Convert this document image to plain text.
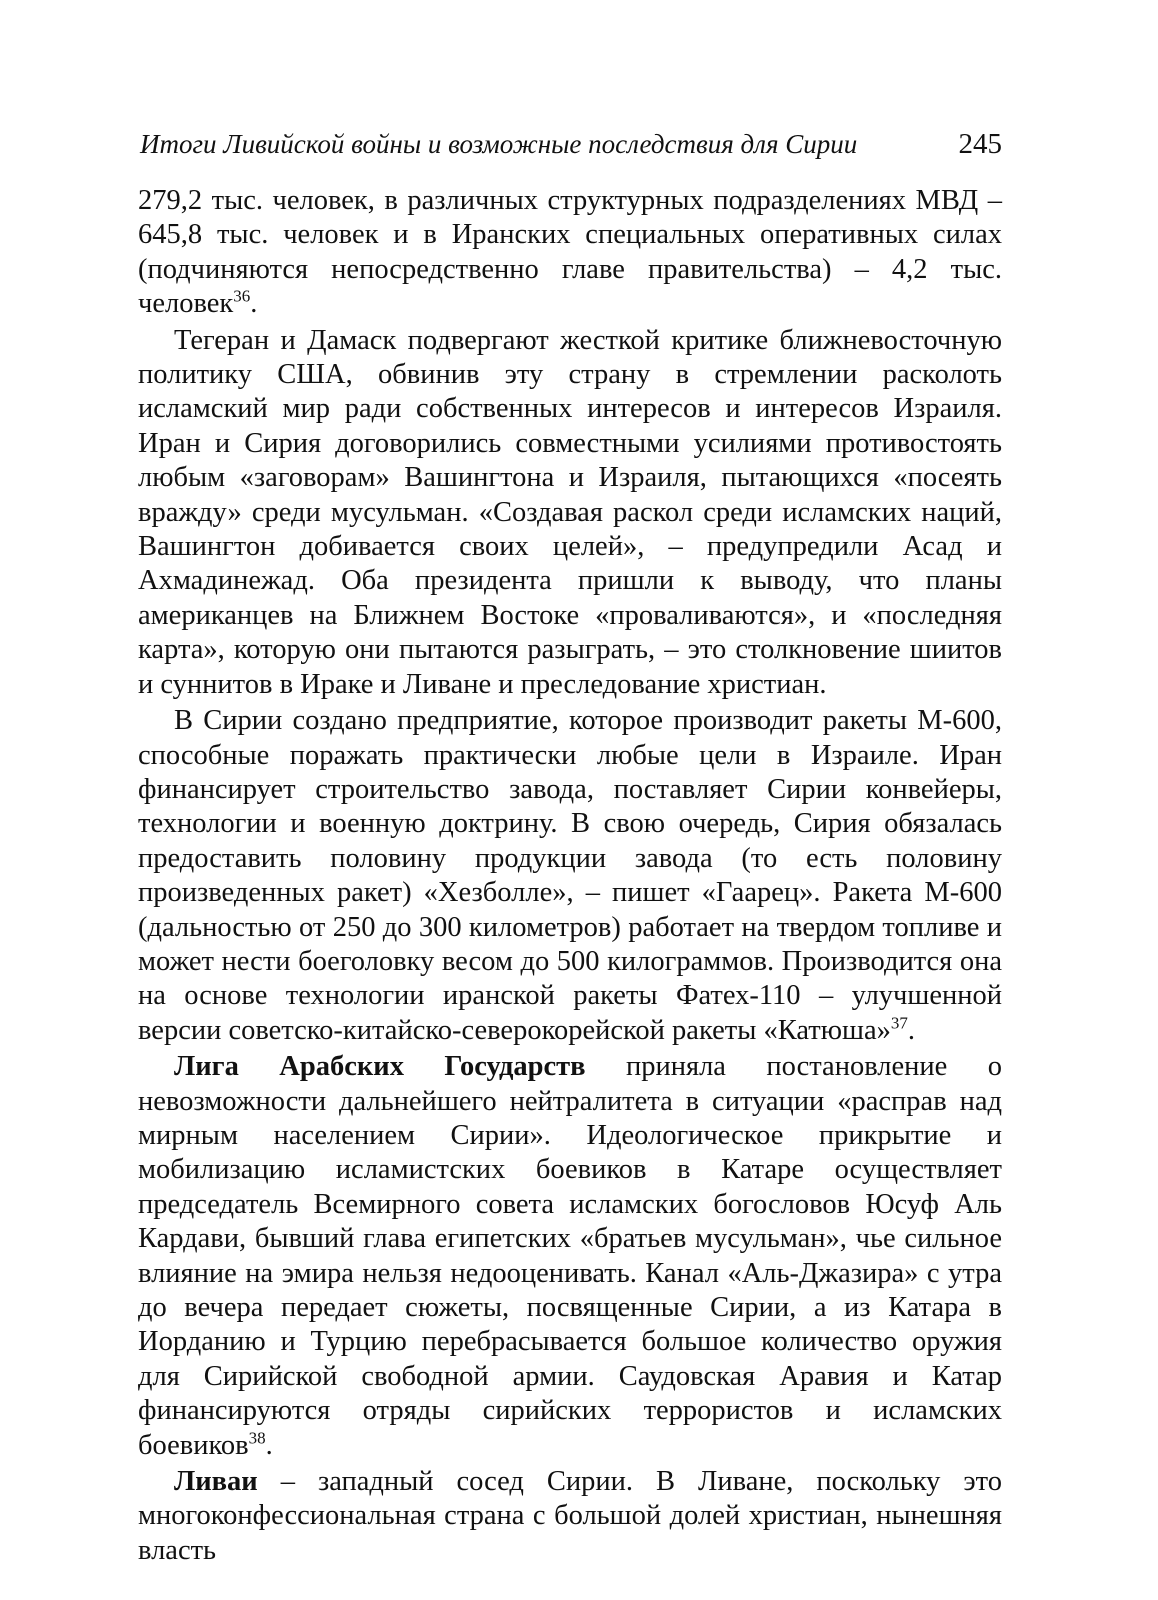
Итоги Ливийской войны и возможные последствия для Сирии	245

279,2 тыс. человек, в различных структурных подразделениях МВД – 645,8 тыс. человек и в Иранских специальных оперативных силах (подчиняются непосредственно главе правительства) – 4,2 тыс. человек$^{36}$.

Тегеран и Дамаск подвергают жесткой критике ближневосточную политику США, обвинив эту страну в стремлении расколоть исламский мир ради собственных интересов и интересов Израиля. Иран и Сирия договорились совместными усилиями противостоять любым «заговорам» Вашингтона и Израиля, пытающихся «посеять вражду» среди мусульман. «Создавая раскол среди исламских наций, Вашингтон добивается своих целей», – предупредили Асад и Ахмадинежад. Оба президента пришли к выводу, что планы американцев на Ближнем Востоке «проваливаются», и «последняя карта», которую они пытаются разыграть, – это столкновение шиитов и суннитов в Ираке и Ливане и преследование христиан.

В Сирии создано предприятие, которое производит ракеты М-600, способные поражать практически любые цели в Израиле. Иран финансирует строительство завода, поставляет Сирии конвейеры, технологии и военную доктрину. В свою очередь, Сирия обязалась предоставить половину продукции завода (то есть половину произведенных ракет) «Хезболле», – пишет «Гаарец». Ракета М-600 (дальностью от 250 до 300 километров) работает на твердом топливе и может нести боеголовку весом до 500 килограммов. Производится она на основе технологии иранской ракеты Фатех-110 – улучшенной версии советско-китайско-северокорейской ракеты «Катюша»$^{37}$.

Лига Арабских Государств приняла постановление о невозможности дальнейшего нейтралитета в ситуации «расправ над мирным населением Сирии». Идеологическое прикрытие и мобилизацию исламистских боевиков в Катаре осуществляет председатель Всемирного совета исламских богословов Юсуф Аль Кардави, бывший глава египетских «братьев мусульман», чье сильное влияние на эмира нельзя недооценивать. Канал «Аль-Джазира» с утра до вечера передает сюжеты, посвященные Сирии, а из Катара в Иорданию и Турцию перебрасывается большое количество оружия для Сирийской свободной армии. Саудовская Аравия и Катар финансируются отряды сирийских террористов и исламских боевиков$^{38}$.

Ливаи – западный сосед Сирии. В Ливане, поскольку это многоконфессиональная страна с большой долей христиан, нынешняя власть
